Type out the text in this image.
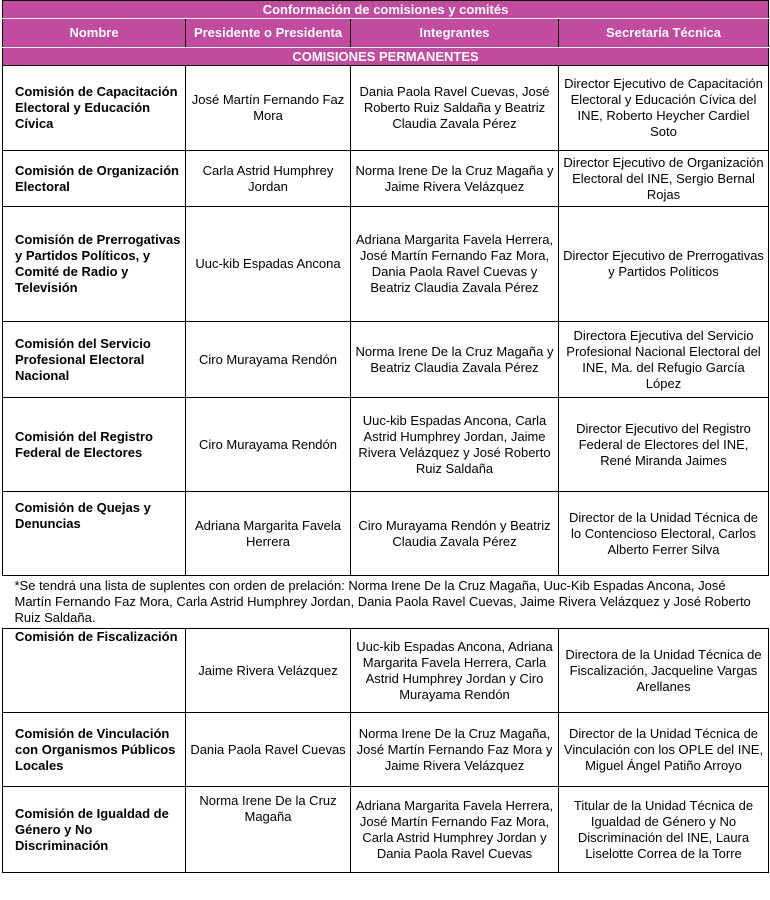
Conformación de comisiones y comités			
Nombre	Presidente o Presidenta	Integrantes	Secretaría Técnica
COMISIONES PERMANENTES			
Comisión de Capacitación Electoral y Educación Cívica	José Martín Fernando Faz Mora	Dania Paola Ravel Cuevas, José Roberto Ruiz Saldaña y Beatriz Claudia Zavala Pérez	Director Ejecutivo de Capacitación Electoral y Educación Cívica del INE, Roberto Heycher Cardiel Soto
Comisión de Organización Electoral	Carla Astrid Humphrey Jordan	Norma Irene De la Cruz Magaña y Jaime Rivera Velázquez	Director Ejecutivo de Organización Electoral del INE, Sergio Bernal Rojas
Comisión de Prerrogativas y Partidos Políticos, y Comité de Radio y Televisión	Uuc-kib Espadas Ancona	Adriana Margarita Favela Herrera, José Martín Fernando Faz Mora, Dania Paola Ravel Cuevas y Beatriz Claudia Zavala Pérez	Director Ejecutivo de Prerrogativas y Partidos Políticos
Comisión del Servicio Profesional Electoral Nacional	Ciro Murayama Rendón	Norma Irene De la Cruz Magaña y Beatriz Claudia Zavala Pérez	Directora Ejecutiva del Servicio Profesional Nacional Electoral del INE, Ma. del Refugio García López
Comisión del Registro Federal de Electores	Ciro Murayama Rendón	Uuc-kib Espadas Ancona, Carla Astrid Humphrey Jordan, Jaime Rivera Velázquez y José Roberto Ruiz Saldaña	Director Ejecutivo del Registro Federal de Electores del INE, René Miranda Jaimes
Comisión de Quejas y Denuncias	Adriana Margarita Favela Herrera	Ciro Murayama Rendón y Beatriz Claudia Zavala Pérez	Director de la Unidad Técnica de lo Contencioso Electoral, Carlos Alberto Ferrer Silva
*Se tendrá una lista de suplentes con orden de prelación: Norma Irene De la Cruz Magaña, Uuc-Kib Espadas Ancona, José Martín Fernando Faz Mora, Carla Astrid Humphrey Jordan, Dania Paola Ravel Cuevas, Jaime Rivera Velázquez y José Roberto Ruiz Saldaña.			
Comisión de Fiscalización	Jaime Rivera Velázquez	Uuc-kib Espadas Ancona, Adriana Margarita Favela Herrera, Carla Astrid Humphrey Jordan y Ciro Murayama Rendón	Directora de la Unidad Técnica de Fiscalización, Jacqueline Vargas Arellanes
Comisión de Vinculación con Organismos Públicos Locales	Dania Paola Ravel Cuevas	Norma Irene De la Cruz Magaña, José Martín Fernando Faz Mora y Jaime Rivera Velázquez	Director de la Unidad Técnica de Vinculación con los OPLE del INE, Miguel Ángel Patiño Arroyo
Comisión de Igualdad de Género y No Discriminación	Norma Irene De la Cruz Magaña	Adriana Margarita Favela Herrera, José Martín Fernando Faz Mora, Carla Astrid Humphrey Jordan y Dania Paola Ravel Cuevas	Titular de la Unidad Técnica de Igualdad de Género y No Discriminación del INE, Laura Liselotte Correa de la Torre
